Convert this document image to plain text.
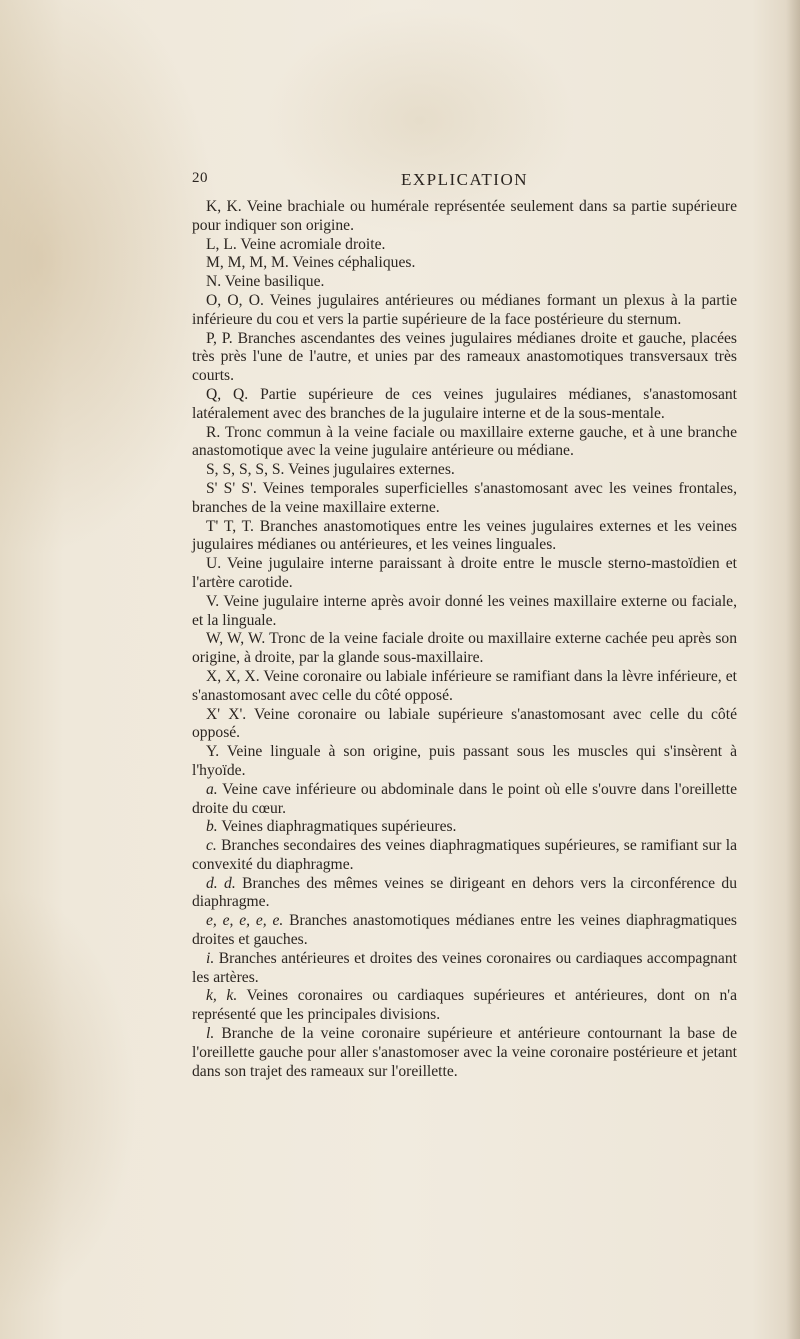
20	EXPLICATION

K, K. Veine brachiale ou humérale représentée seulement dans sa partie supérieure pour indiquer son origine.

L, L. Veine acromiale droite.

M, M, M, M. Veines céphaliques.

N. Veine basilique.

O, O, O. Veines jugulaires antérieures ou médianes formant un plexus à la partie inférieure du cou et vers la partie supérieure de la face postérieure du sternum.

P, P. Branches ascendantes des veines jugulaires médianes droite et gauche, placées très près l'une de l'autre, et unies par des rameaux anastomotiques transversaux très courts.

Q, Q. Partie supérieure de ces veines jugulaires médianes, s'anastomosant latéralement avec des branches de la jugulaire interne et de la sous-mentale.

R. Tronc commun à la veine faciale ou maxillaire externe gauche, et à une branche anastomotique avec la veine jugulaire antérieure ou médiane.

S, S, S, S, S. Veines jugulaires externes.

S' S' S'. Veines temporales superficielles s'anastomosant avec les veines frontales, branches de la veine maxillaire externe.

T' T, T. Branches anastomotiques entre les veines jugulaires externes et les veines jugulaires médianes ou antérieures, et les veines linguales.

U. Veine jugulaire interne paraissant à droite entre le muscle sterno-mastoïdien et l'artère carotide.

V. Veine jugulaire interne après avoir donné les veines maxillaire externe ou faciale, et la linguale.

W, W, W. Tronc de la veine faciale droite ou maxillaire externe cachée peu après son origine, à droite, par la glande sous-maxillaire.

X, X, X. Veine coronaire ou labiale inférieure se ramifiant dans la lèvre inférieure, et s'anastomosant avec celle du côté opposé.

X' X'. Veine coronaire ou labiale supérieure s'anastomosant avec celle du côté opposé.

Y. Veine linguale à son origine, puis passant sous les muscles qui s'insèrent à l'hyoïde.

a. Veine cave inférieure ou abdominale dans le point où elle s'ouvre dans l'oreillette droite du cœur.

b. Veines diaphragmatiques supérieures.

c. Branches secondaires des veines diaphragmatiques supérieures, se ramifiant sur la convexité du diaphragme.

d. d. Branches des mêmes veines se dirigeant en dehors vers la circonférence du diaphragme.

e, e, e, e, e. Branches anastomotiques médianes entre les veines diaphragmatiques droites et gauches.

i. Branches antérieures et droites des veines coronaires ou cardiaques accompagnant les artères.

k, k. Veines coronaires ou cardiaques supérieures et antérieures, dont on n'a représenté que les principales divisions.

l. Branche de la veine coronaire supérieure et antérieure contournant la base de l'oreillette gauche pour aller s'anastomoser avec la veine coronaire postérieure et jetant dans son trajet des rameaux sur l'oreillette.
